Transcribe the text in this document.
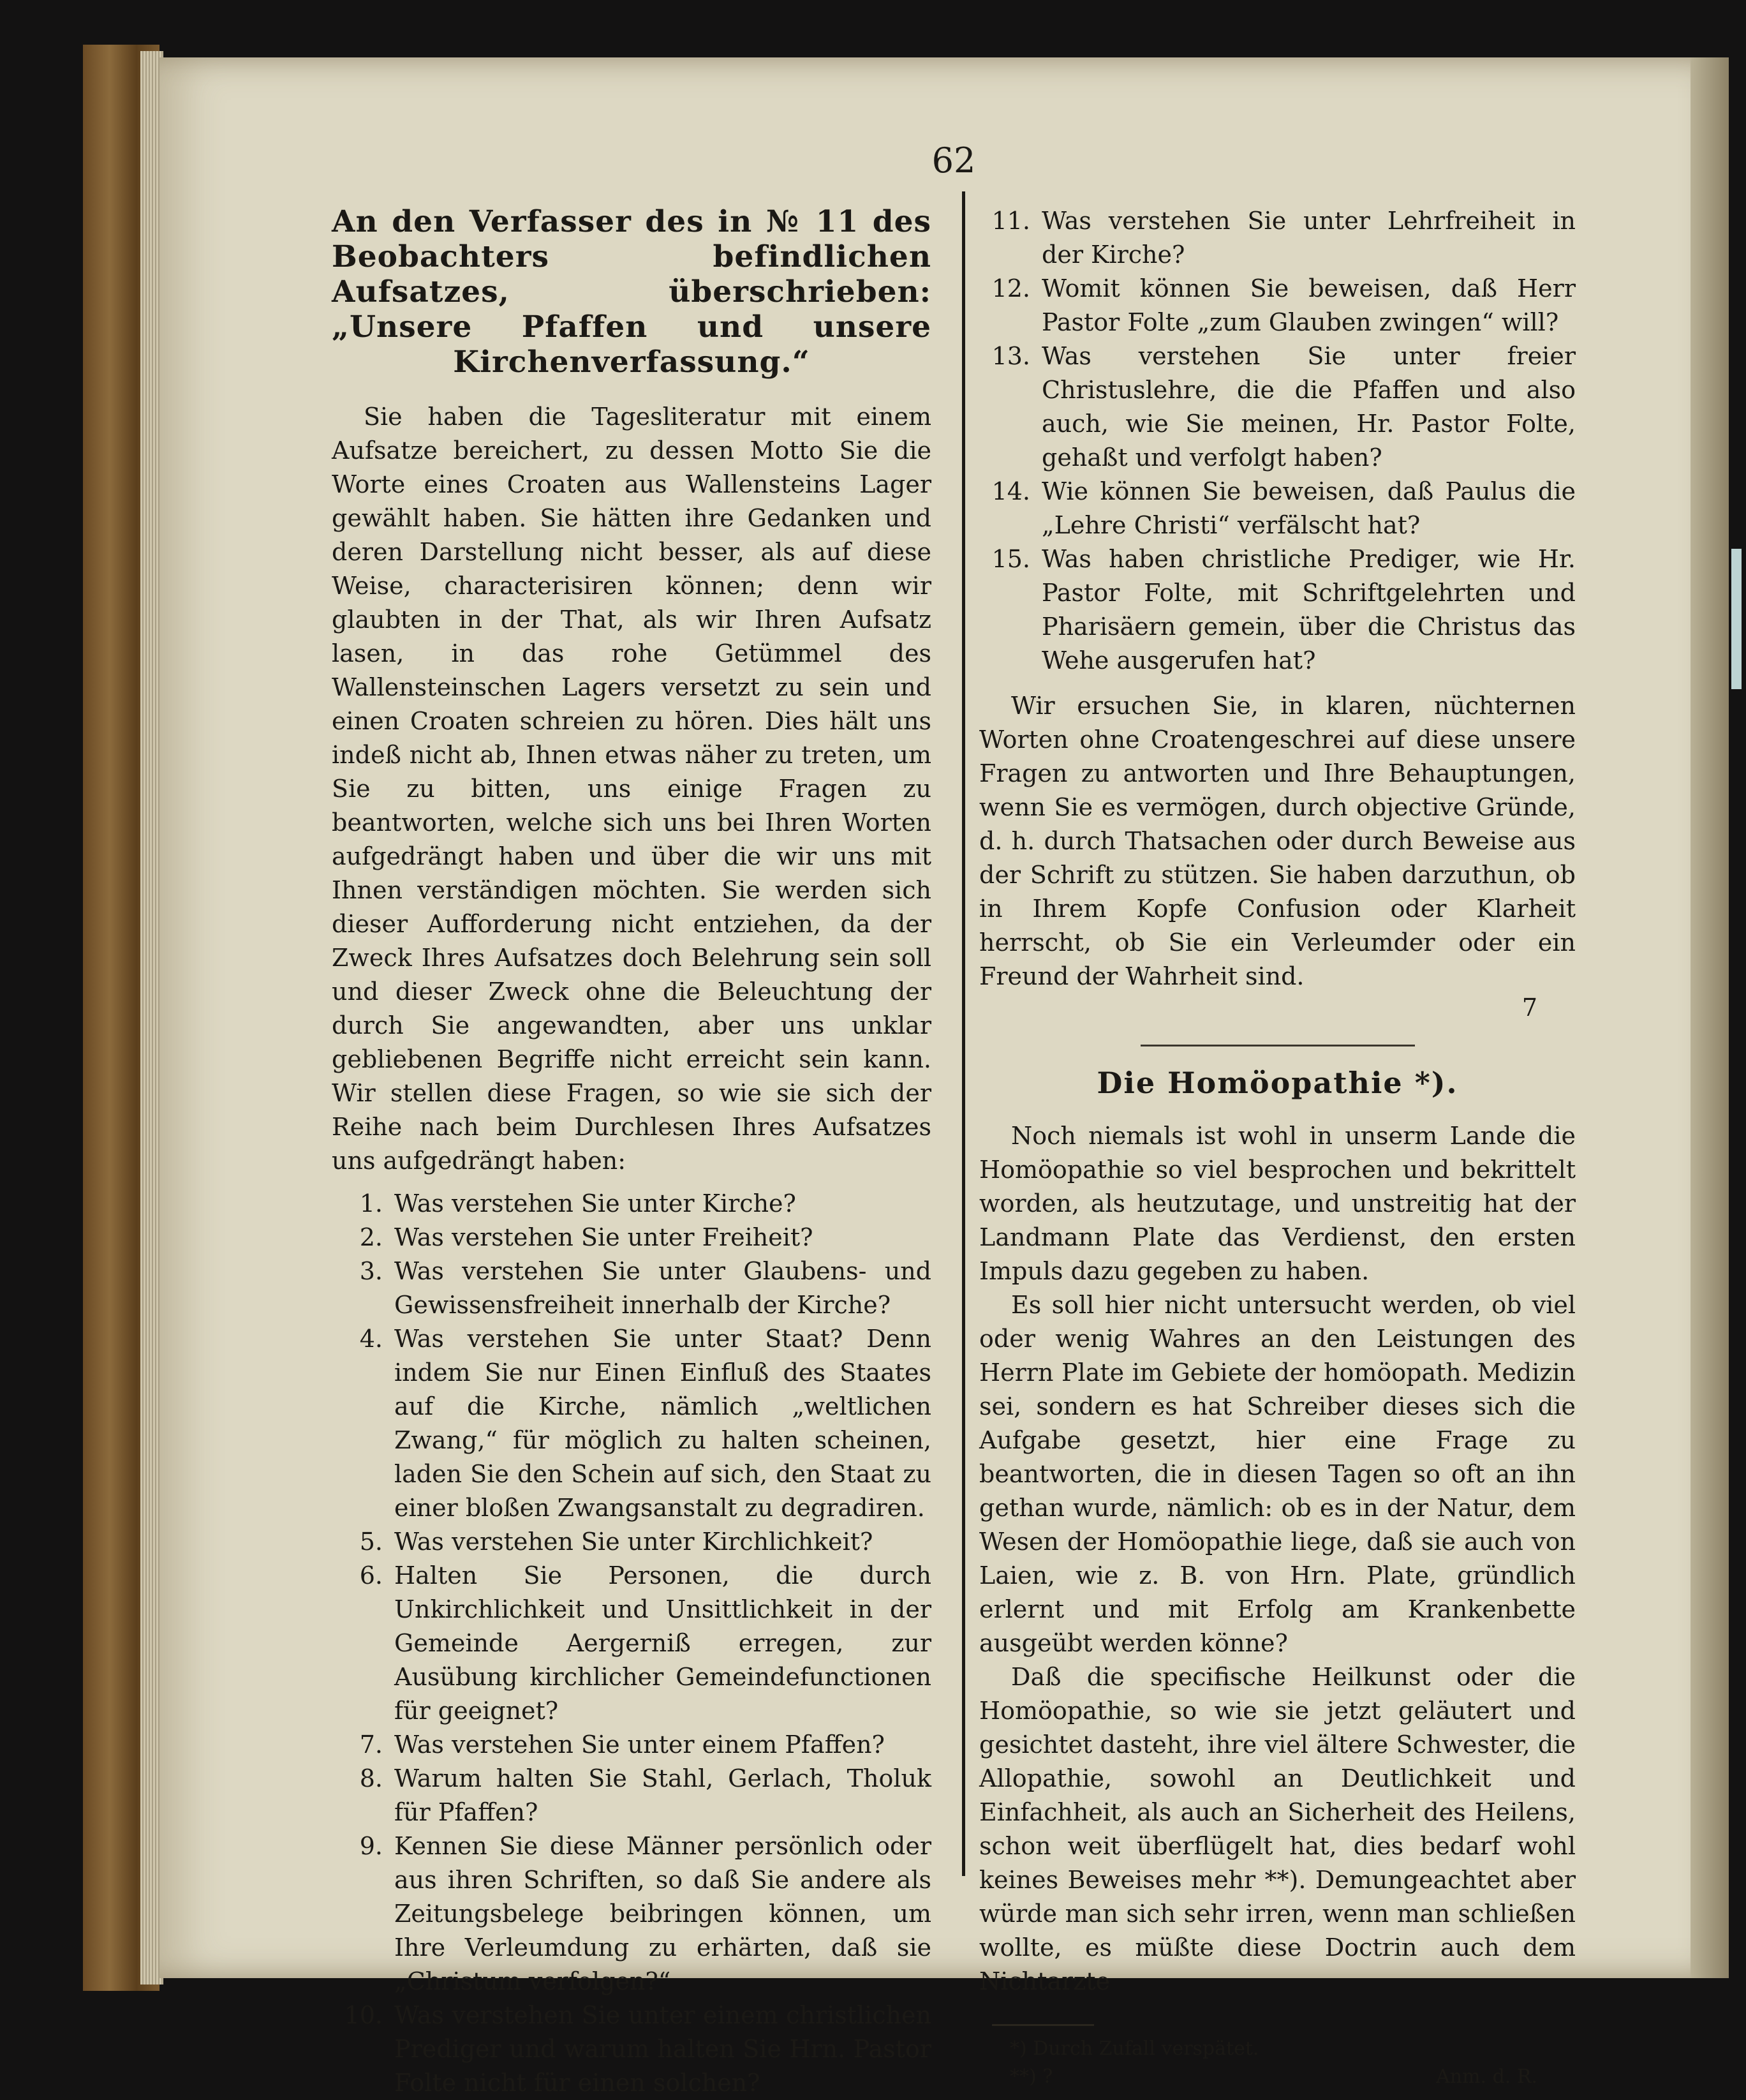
62

An den Verfasser des in № 11 des Beobachters befindlichen Aufsatzes, überschrieben: „Unsere Pfaffen und unsere Kirchenverfassung.“

Sie haben die Tagesliteratur mit einem Aufsatze bereichert, zu dessen Motto Sie die Worte eines Croaten aus Wallensteins Lager gewählt haben. Sie hätten ihre Gedanken und deren Darstellung nicht besser, als auf diese Weise, characterisiren können; denn wir glaubten in der That, als wir Ihren Aufsatz lasen, in das rohe Getümmel des Wallensteinschen Lagers versetzt zu sein und einen Croaten schreien zu hören. Dies hält uns indeß nicht ab, Ihnen etwas näher zu treten, um Sie zu bitten, uns einige Fragen zu beantworten, welche sich uns bei Ihren Worten aufgedrängt haben und über die wir uns mit Ihnen verständigen möchten. Sie werden sich dieser Aufforderung nicht entziehen, da der Zweck Ihres Aufsatzes doch Belehrung sein soll und dieser Zweck ohne die Beleuchtung der durch Sie angewandten, aber uns unklar gebliebenen Begriffe nicht erreicht sein kann. Wir stellen diese Fragen, so wie sie sich der Reihe nach beim Durchlesen Ihres Aufsatzes uns aufgedrängt haben:

1. Was verstehen Sie unter Kirche?
2. Was verstehen Sie unter Freiheit?
3. Was verstehen Sie unter Glaubens- und Gewissensfreiheit innerhalb der Kirche?
4. Was verstehen Sie unter Staat? Denn indem Sie nur Einen Einfluß des Staates auf die Kirche, nämlich „weltlichen Zwang,“ für möglich zu halten scheinen, laden Sie den Schein auf sich, den Staat zu einer bloßen Zwangsanstalt zu degradiren.
5. Was verstehen Sie unter Kirchlichkeit?
6. Halten Sie Personen, die durch Unkirchlichkeit und Unsittlichkeit in der Gemeinde Aergerniß erregen, zur Ausübung kirchlicher Gemeindefunctionen für geeignet?
7. Was verstehen Sie unter einem Pfaffen?
8. Warum halten Sie Stahl, Gerlach, Tholuk für Pfaffen?
9. Kennen Sie diese Männer persönlich oder aus ihren Schriften, so daß Sie andere als Zeitungsbelege beibringen können, um Ihre Verleumdung zu erhärten, daß sie „Christum verfolgen?“
10. Was verstehen Sie unter einem christlichen Prediger und warum halten Sie Hrn. Pastor Folte nicht für einen solchen?
11. Was verstehen Sie unter Lehrfreiheit in der Kirche?
12. Womit können Sie beweisen, daß Herr Pastor Folte „zum Glauben zwingen“ will?
13. Was verstehen Sie unter freier Christuslehre, die die Pfaffen und also auch, wie Sie meinen, Hr. Pastor Folte, gehaßt und verfolgt haben?
14. Wie können Sie beweisen, daß Paulus die „Lehre Christi“ verfälscht hat?
15. Was haben christliche Prediger, wie Hr. Pastor Folte, mit Schriftgelehrten und Pharisäern gemein, über die Christus das Wehe ausgerufen hat?

Wir ersuchen Sie, in klaren, nüchternen Worten ohne Croatengeschrei auf diese unsere Fragen zu antworten und Ihre Behauptungen, wenn Sie es vermögen, durch objective Gründe, d. h. durch Thatsachen oder durch Beweise aus der Schrift zu stützen. Sie haben darzuthun, ob in Ihrem Kopfe Confusion oder Klarheit herrscht, ob Sie ein Verleumder oder ein Freund der Wahrheit sind.

7
Die Homöopathie *).

Noch niemals ist wohl in unserm Lande die Homöopathie so viel besprochen und bekrittelt worden, als heutzutage, und unstreitig hat der Landmann Plate das Verdienst, den ersten Impuls dazu gegeben zu haben.

Es soll hier nicht untersucht werden, ob viel oder wenig Wahres an den Leistungen des Herrn Plate im Gebiete der homöopath. Medizin sei, sondern es hat Schreiber dieses sich die Aufgabe gesetzt, hier eine Frage zu beantworten, die in diesen Tagen so oft an ihn gethan wurde, nämlich: ob es in der Natur, dem Wesen der Homöopathie liege, daß sie auch von Laien, wie z. B. von Hrn. Plate, gründlich erlernt und mit Erfolg am Krankenbette ausgeübt werden könne?

Daß die specifische Heilkunst oder die Homöopathie, so wie sie jetzt geläutert und gesichtet dasteht, ihre viel ältere Schwester, die Allopathie, sowohl an Deutlichkeit und Einfachheit, als auch an Sicherheit des Heilens, schon weit überflügelt hat, dies bedarf wohl keines Beweises mehr **). Demungeachtet aber würde man sich sehr irren, wenn man schließen wollte, es müßte diese Doctrin auch dem Nichtarzte

*) Durch Zufall verspätet.
**) ?	Anm. d. R.
